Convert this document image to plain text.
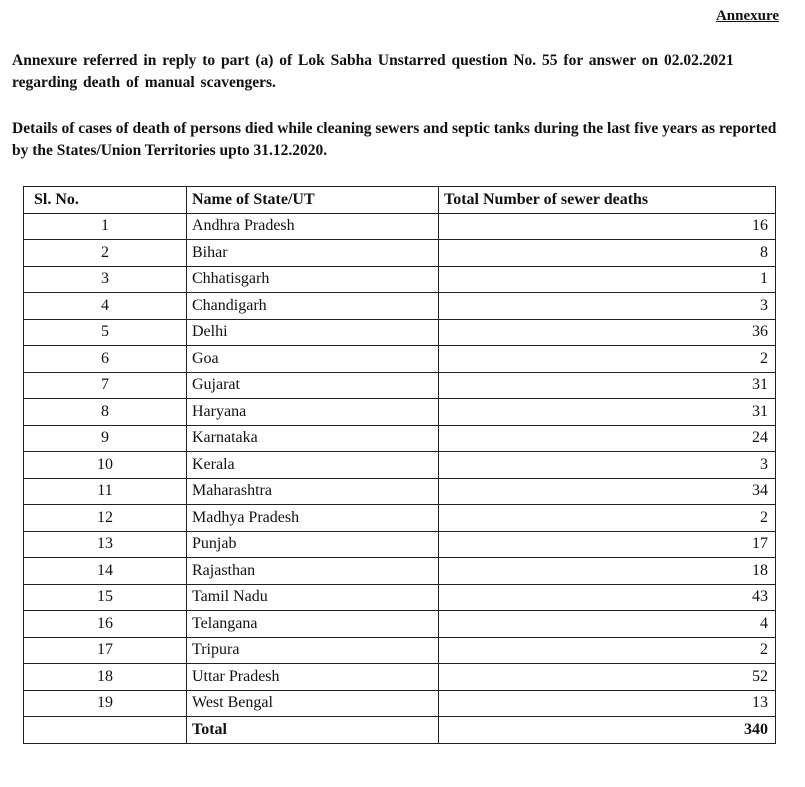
Annexure
Annexure referred in reply to part (a) of Lok Sabha Unstarred question No. 55 for answer on 02.02.2021 regarding death of manual scavengers.
Details of cases of death of persons died while cleaning sewers and septic tanks during the last five years as reported by the States/Union Territories upto 31.12.2020.
Sl. No.	Name of State/UT	Total Number of sewer deaths
1	Andhra Pradesh	16
2	Bihar	8
3	Chhatisgarh	1
4	Chandigarh	3
5	Delhi	36
6	Goa	2
7	Gujarat	31
8	Haryana	31
9	Karnataka	24
10	Kerala	3
11	Maharashtra	34
12	Madhya Pradesh	2
13	Punjab	17
14	Rajasthan	18
15	Tamil Nadu	43
16	Telangana	4
17	Tripura	2
18	Uttar Pradesh	52
19	West Bengal	13
	Total	340
